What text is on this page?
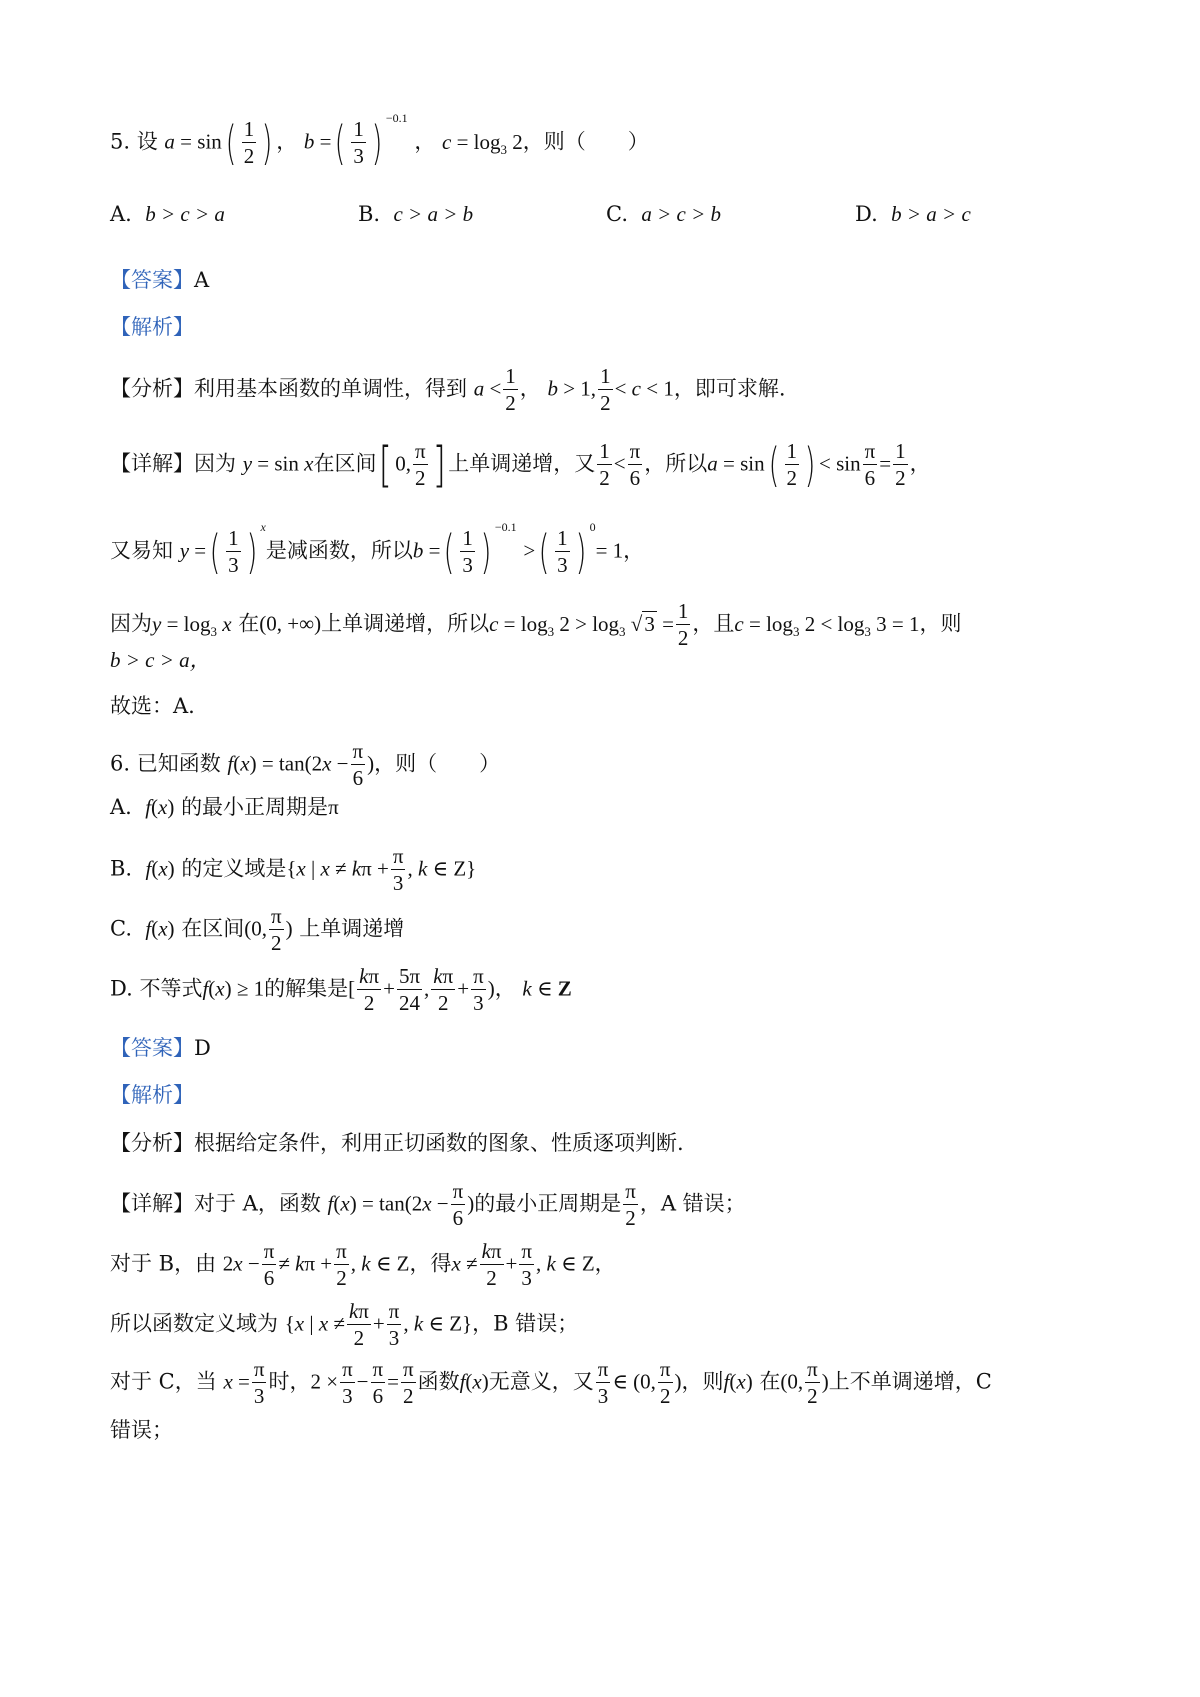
5. 设 $a = \sin( \frac{1}{2}$ ) ， b =( $\frac{1}{3}$ ) $^{-0.1}$ ， $c = \log_3 2$，则（　　）
A. b > c > a	B. c > a > b	C. a > c > b	D. b > a > c
【答案】A
【解析】
【分析】利用基本函数的单调性，得到 $a < \frac{1}{2}$ ， b > 1, $\frac{1}{2} < c < 1$，即可求解.
【详解】因为 y = sin x在区间[ 0, $\frac{\pi}{2}$ ] 上单调递增，又 $\frac{1}{2} < \frac{\pi}{6}$ ，所以$a = \sin( \frac{1}{2}$ ) < $\sin \frac{\pi}{6} = \frac{1}{2}$ ，
又易知 y =( $\frac{1}{3}$ ) $^x$是减函数，所以b =( $\frac{1}{3}$ ) $^{-0.1}$ >( $\frac{1}{3}$ ) $^0$= 1，
因为$y = \log_3 x$ 在(0, +∞)上单调递增，所以$c = \log_3 2 > \log_3 √3 = \frac{1}{2}$ ，且$c = \log_3 2 < \log_3 3 = 1$，则
b > c > a，
故选：A.
6. 已知函数 $f(x) = \tan(2x - \frac{\pi}{6}$ )，则（　　）
A. f(x) 的最小正周期是π
B. f(x) 的定义域是{x | $x \ne k\pi + \frac{\pi}{3}$ , k ∈ Z}
C. f(x) 在区间(0, $\frac{\pi}{2}$ ) 上单调递增
D. 不等式f(x) ≥ 1的解集是[ $\frac{k\pi}{2} + \frac{5\pi}{24}$ , $\frac{k\pi}{2} + \frac{\pi}{3}$ )， k ∈ Z
【答案】D
【解析】
【分析】根据给定条件，利用正切函数的图象、性质逐项判断.
【详解】对于 A，函数 $f(x) = \tan(2x - \frac{\pi}{6}$ )的最小正周期是 $\frac{\pi}{2}$ ，A 错误；
对于 B，由 $2x - \frac{\pi}{6} \ne k\pi + \frac{\pi}{2}$ , k ∈ Z，得$x \ne \frac{k\pi}{2} + \frac{\pi}{3}$ , k ∈ Z，
所以函数定义域为 {x | $x \ne \frac{k\pi}{2} + \frac{\pi}{3}$ , k ∈ Z}，B 错误；
对于 C，当 $x = \frac{\pi}{3}$ 时，$2 \times \frac{\pi}{3} - \frac{\pi}{6} = \frac{\pi}{2}$ 函数f(x)无意义，又 $\frac{\pi}{3}$ ∈ (0, $\frac{\pi}{2}$ )，则f(x) 在(0, $\frac{\pi}{2}$ )上不单调递增，C
错误；
